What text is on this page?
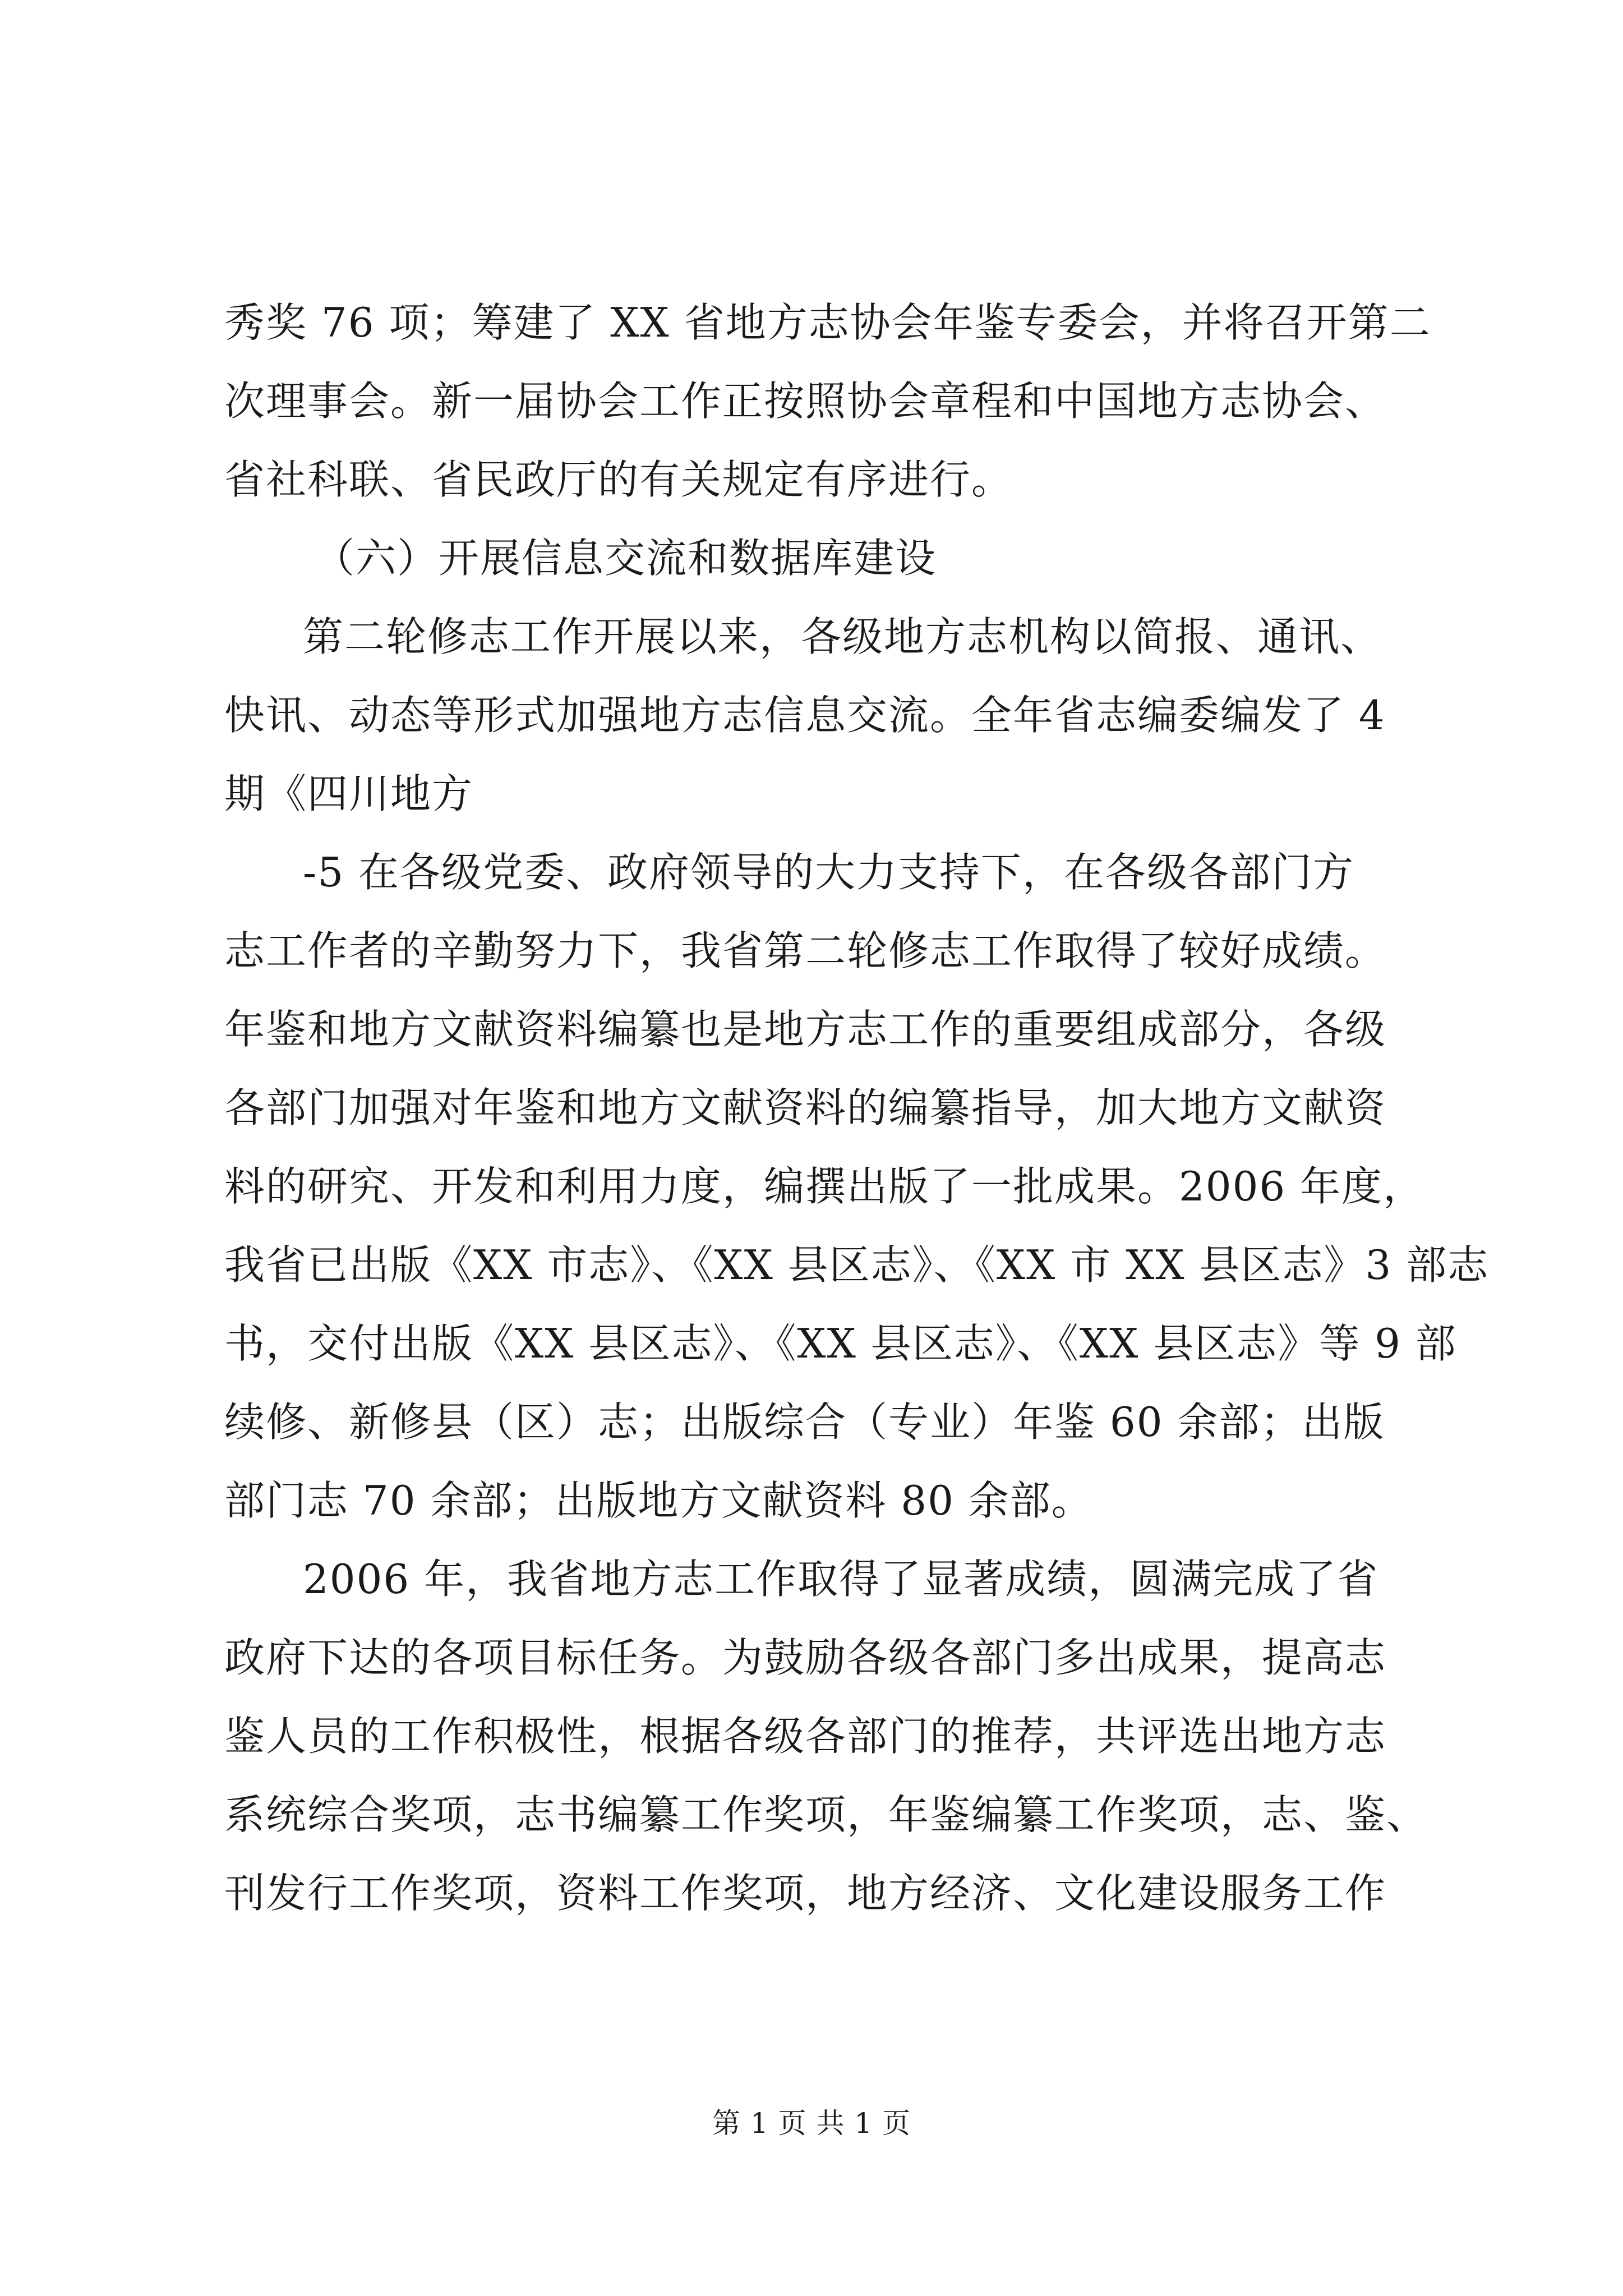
秀奖 76 项；筹建了 XX 省地方志协会年鉴专委会，并将召开第二

次理事会。新一届协会工作正按照协会章程和中国地方志协会、

省社科联、省民政厅的有关规定有序进行。

（六）开展信息交流和数据库建设

第二轮修志工作开展以来，各级地方志机构以简报、通讯、

快讯、动态等形式加强地方志信息交流。全年省志编委编发了 4

期《四川地方

-5 在各级党委、政府领导的大力支持下，在各级各部门方

志工作者的辛勤努力下，我省第二轮修志工作取得了较好成绩。

年鉴和地方文献资料编纂也是地方志工作的重要组成部分，各级

各部门加强对年鉴和地方文献资料的编纂指导，加大地方文献资

料的研究、开发和利用力度，编撰出版了一批成果。2006 年度，

我省已出版《XX 市志》、《XX 县区志》、《XX 市 XX 县区志》3 部志

书，交付出版《XX 县区志》、《XX 县区志》、《XX 县区志》等 9 部

续修、新修县（区）志；出版综合（专业）年鉴 60 余部；出版

部门志 70 余部；出版地方文献资料 80 余部。

2006 年，我省地方志工作取得了显著成绩，圆满完成了省

政府下达的各项目标任务。为鼓励各级各部门多出成果，提高志

鉴人员的工作积极性，根据各级各部门的推荐，共评选出地方志

系统综合奖项，志书编纂工作奖项，年鉴编纂工作奖项，志、鉴、

刊发行工作奖项，资料工作奖项，地方经济、文化建设服务工作

第 1 页 共 1 页
